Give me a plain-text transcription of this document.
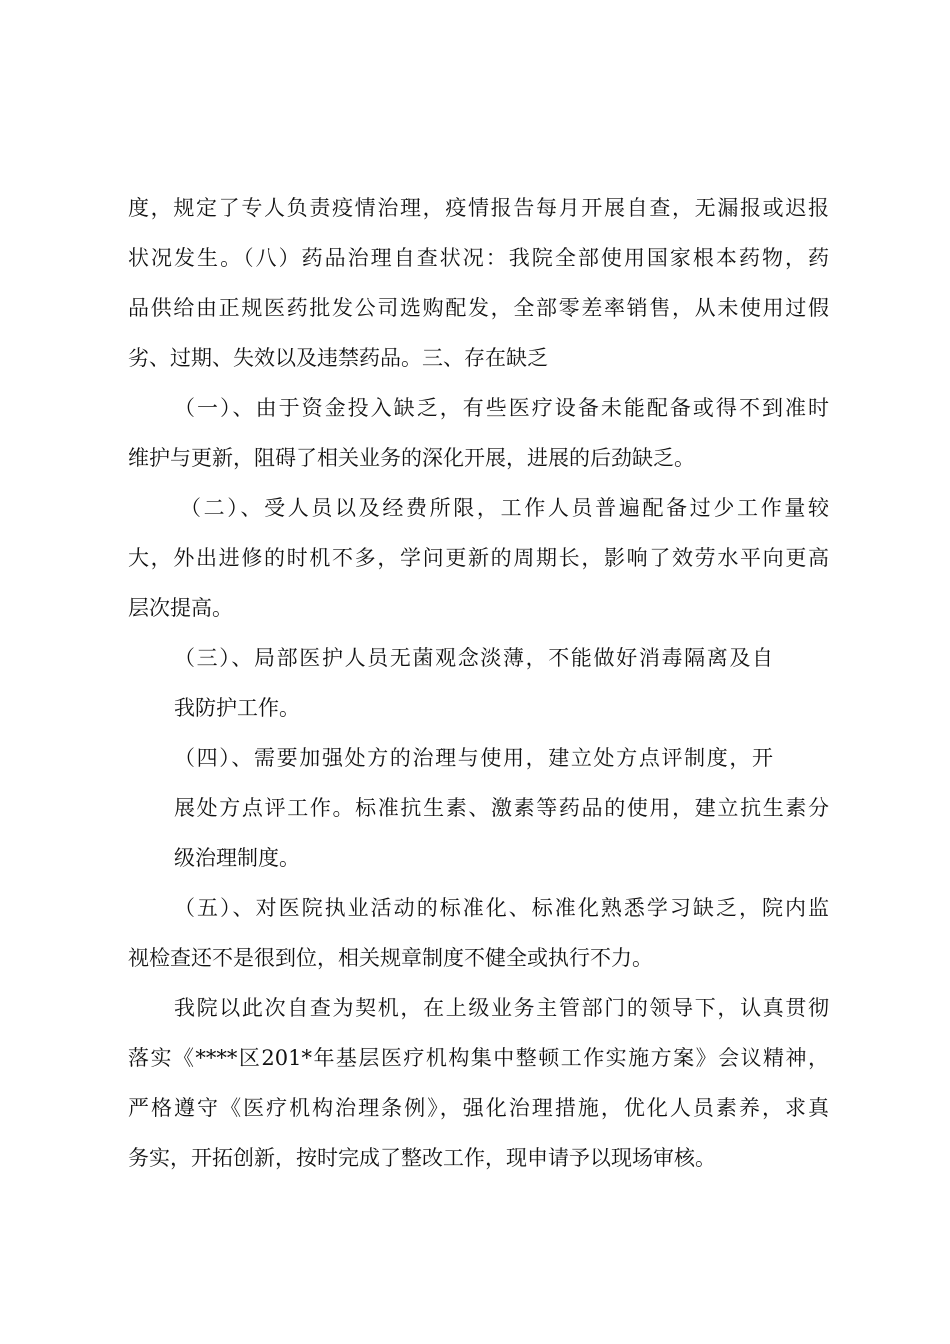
度，规定了专人负责疫情治理，疫情报告每月开展自查，无漏报或迟报

状况发生。（八）药品治理自查状况：我院全部使用国家根本药物，药

品供给由正规医药批发公司选购配发，全部零差率销售，从未使用过假

劣、过期、失效以及违禁药品。三、存在缺乏

（一）、由于资金投入缺乏，有些医疗设备未能配备或得不到准时

维护与更新，阻碍了相关业务的深化开展，进展的后劲缺乏。

（二）、受人员以及经费所限，工作人员普遍配备过少工作量较

大，外出进修的时机不多，学问更新的周期长，影响了效劳水平向更高

层次提高。

（三）、局部医护人员无菌观念淡薄，不能做好消毒隔离及自

我防护工作。

（四）、需要加强处方的治理与使用，建立处方点评制度，开

展处方点评工作。标准抗生素、激素等药品的使用，建立抗生素分

级治理制度。

（五）、对医院执业活动的标准化、标准化熟悉学习缺乏，院内监

视检查还不是很到位，相关规章制度不健全或执行不力。

我院以此次自查为契机，在上级业务主管部门的领导下，认真贯彻

落实《****区201*年基层医疗机构集中整顿工作实施方案》会议精神，

严格遵守《医疗机构治理条例》，强化治理措施，优化人员素养，求真

务实，开拓创新，按时完成了整改工作，现申请予以现场审核。
